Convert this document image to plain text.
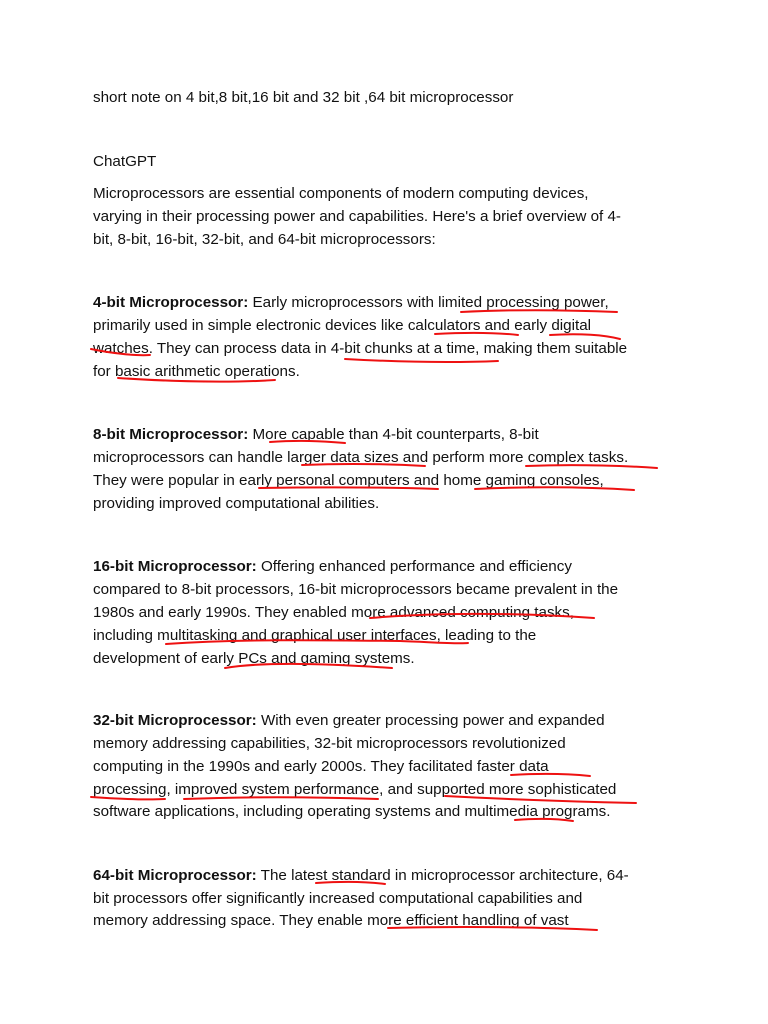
short note on 4 bit,8 bit,16 bit and 32 bit ,64 bit microprocessor
ChatGPT
Microprocessors are essential components of modern computing devices,
varying in their processing power and capabilities. Here's a brief overview of 4-
bit, 8-bit, 16-bit, 32-bit, and 64-bit microprocessors:
4-bit Microprocessor: Early microprocessors with limited processing power,
primarily used in simple electronic devices like calculators and early digital
watches. They can process data in 4-bit chunks at a time, making them suitable
for basic arithmetic operations.
8-bit Microprocessor: More capable than 4-bit counterparts, 8-bit
microprocessors can handle larger data sizes and perform more complex tasks.
They were popular in early personal computers and home gaming consoles,
providing improved computational abilities.
16-bit Microprocessor: Offering enhanced performance and efficiency
compared to 8-bit processors, 16-bit microprocessors became prevalent in the
1980s and early 1990s. They enabled more advanced computing tasks,
including multitasking and graphical user interfaces, leading to the
development of early PCs and gaming systems.
32-bit Microprocessor: With even greater processing power and expanded
memory addressing capabilities, 32-bit microprocessors revolutionized
computing in the 1990s and early 2000s. They facilitated faster data
processing, improved system performance, and supported more sophisticated
software applications, including operating systems and multimedia programs.
64-bit Microprocessor: The latest standard in microprocessor architecture, 64-
bit processors offer significantly increased computational capabilities and
memory addressing space. They enable more efficient handling of vast
